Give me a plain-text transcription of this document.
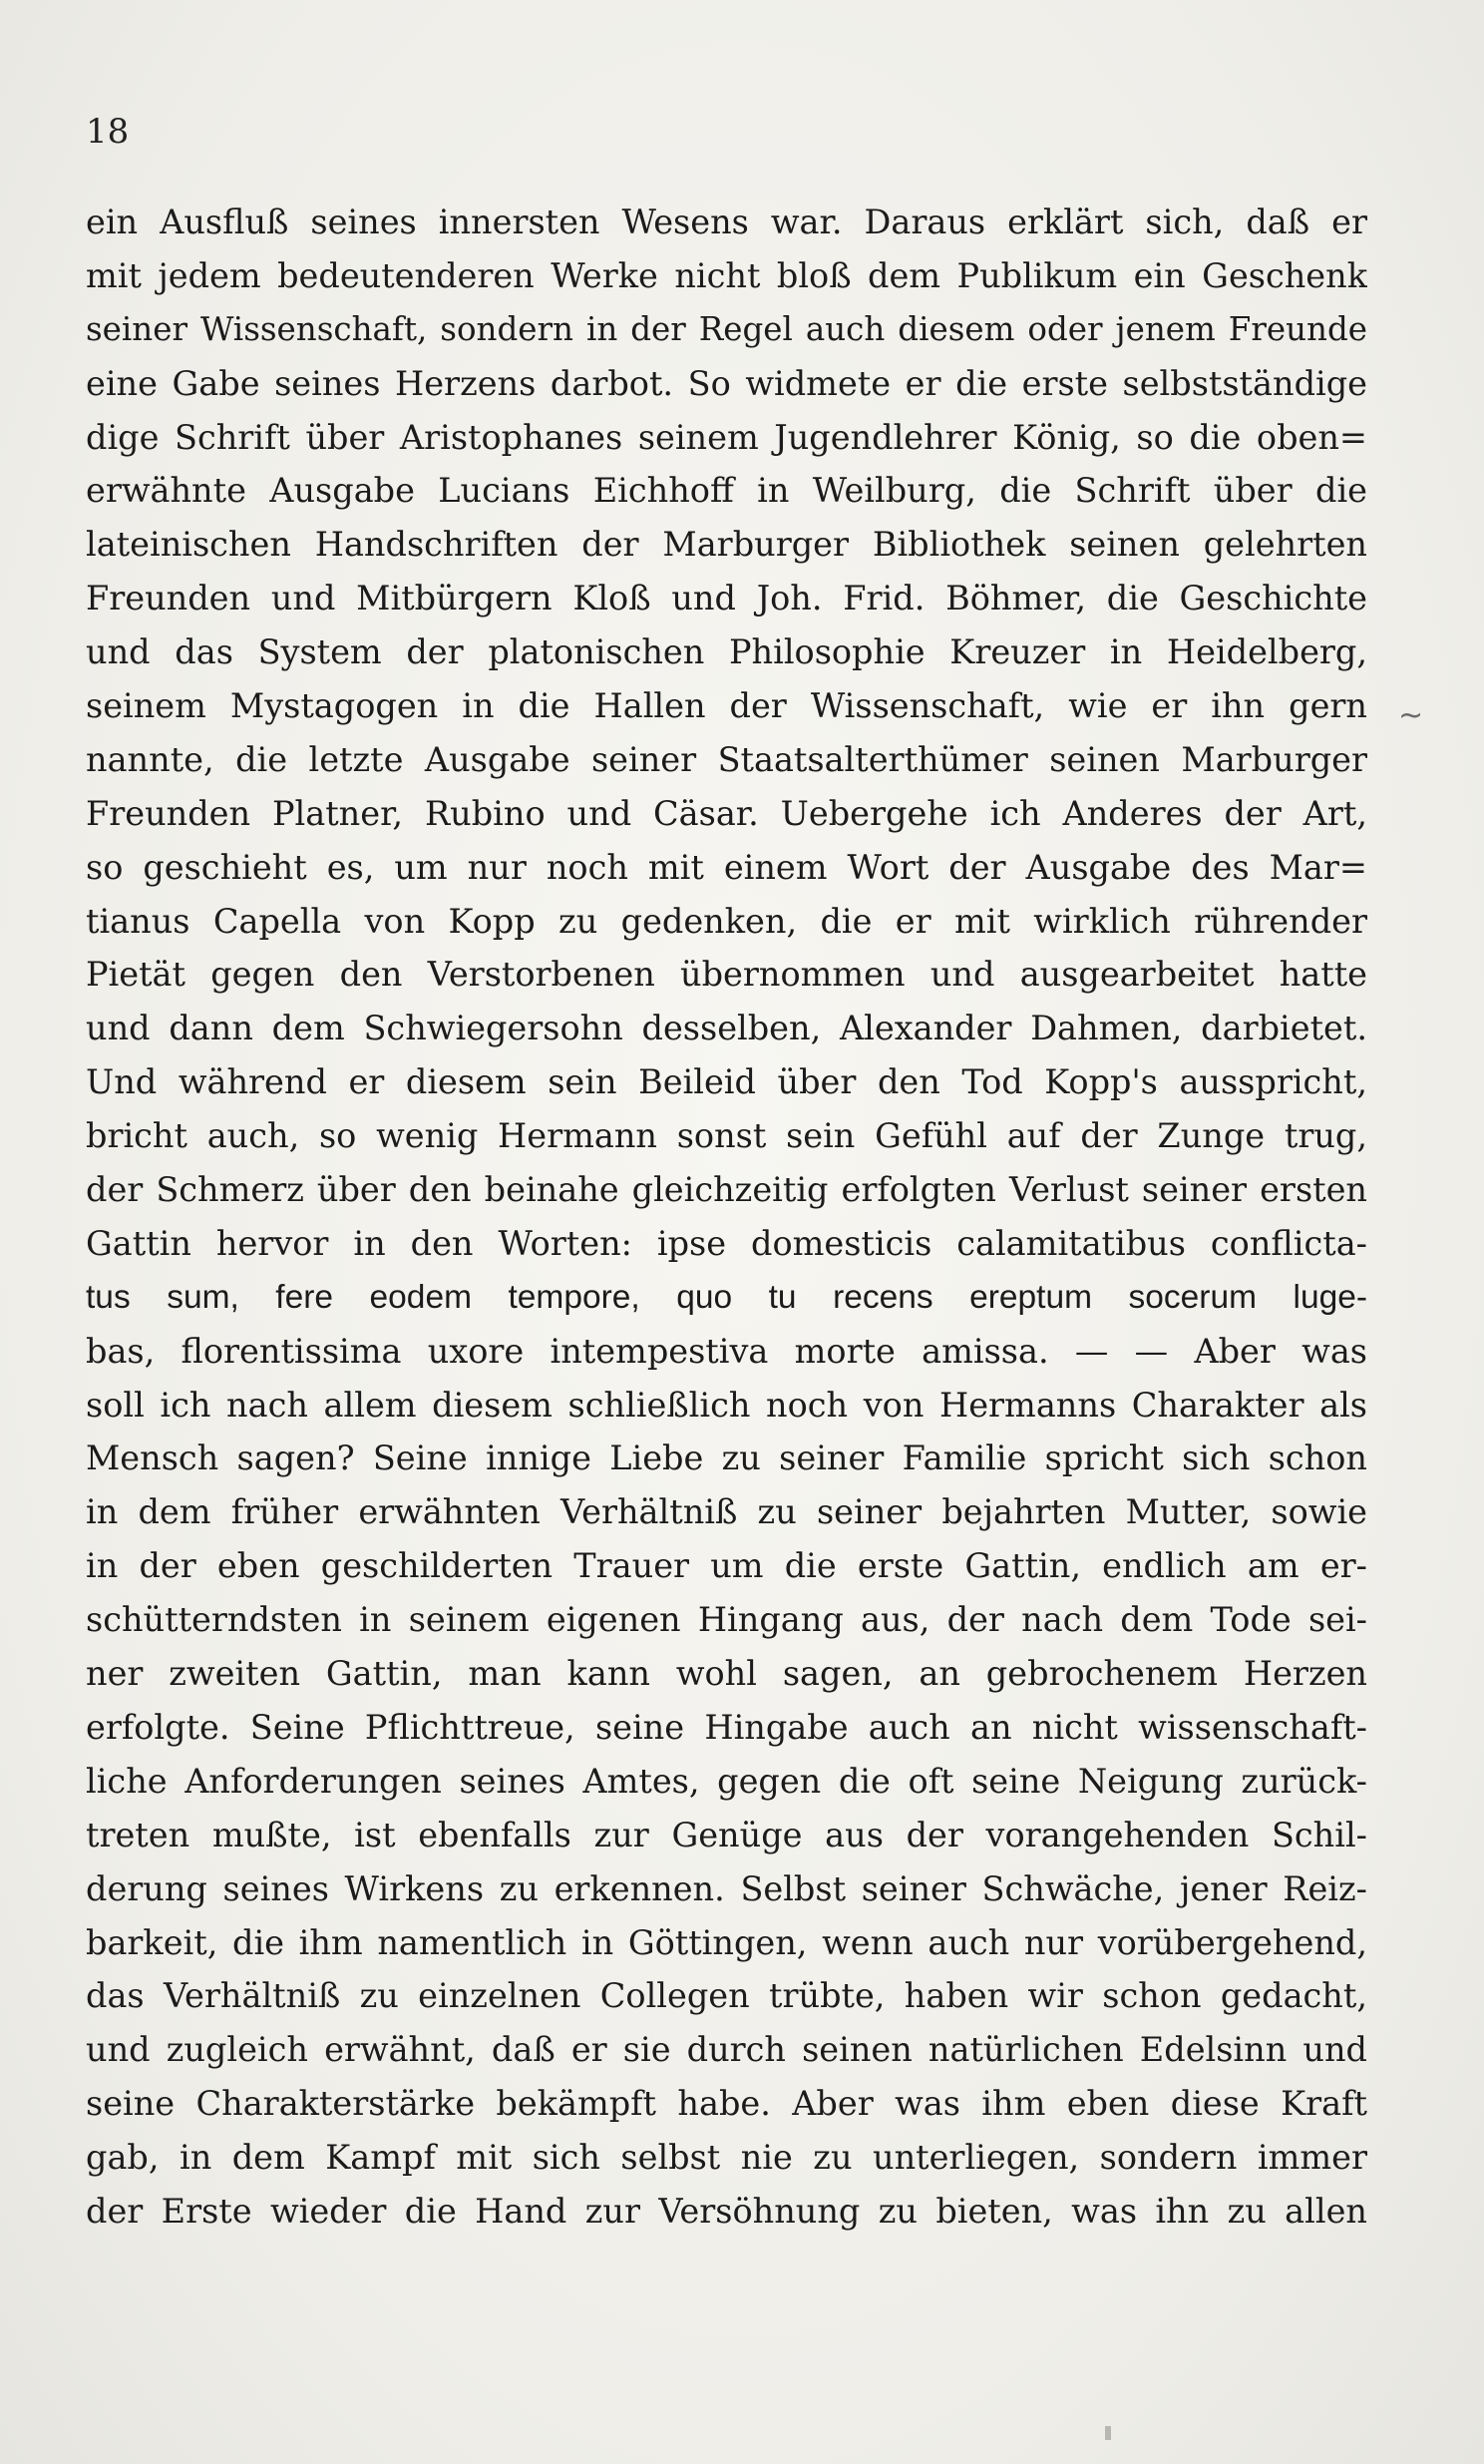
18
ein Ausfluß seines innersten Wesens war. Daraus erklärt sich, daß er
mit jedem bedeutenderen Werke nicht bloß dem Publikum ein Geschenk
seiner Wissenschaft, sondern in der Regel auch diesem oder jenem Freunde
eine Gabe seines Herzens darbot. So widmete er die erste selbstständige
dige Schrift über Aristophanes seinem Jugendlehrer König, so die oben=
erwähnte Ausgabe Lucians Eichhoff in Weilburg, die Schrift über die
lateinischen Handschriften der Marburger Bibliothek seinen gelehrten
Freunden und Mitbürgern Kloß und Joh. Frid. Böhmer, die Geschichte
und das System der platonischen Philosophie Kreuzer in Heidelberg,
seinem Mystagogen in die Hallen der Wissenschaft, wie er ihn gern
nannte, die letzte Ausgabe seiner Staatsalterthümer seinen Marburger
Freunden Platner, Rubino und Cäsar. Uebergehe ich Anderes der Art,
so geschieht es, um nur noch mit einem Wort der Ausgabe des Mar=
tianus Capella von Kopp zu gedenken, die er mit wirklich rührender
Pietät gegen den Verstorbenen übernommen und ausgearbeitet hatte
und dann dem Schwiegersohn desselben, Alexander Dahmen, darbietet.
Und während er diesem sein Beileid über den Tod Kopp's ausspricht,
bricht auch, so wenig Hermann sonst sein Gefühl auf der Zunge trug,
der Schmerz über den beinahe gleichzeitig erfolgten Verlust seiner ersten
Gattin hervor in den Worten: ipse domesticis calamitatibus conflicta-
tus sum, fere eodem tempore, quo tu recens ereptum socerum luge-
bas, florentissima uxore intempestiva morte amissa. — — Aber was
soll ich nach allem diesem schließlich noch von Hermanns Charakter als
Mensch sagen? Seine innige Liebe zu seiner Familie spricht sich schon
in dem früher erwähnten Verhältniß zu seiner bejahrten Mutter, sowie
in der eben geschilderten Trauer um die erste Gattin, endlich am er-
schütterndsten in seinem eigenen Hingang aus, der nach dem Tode sei-
ner zweiten Gattin, man kann wohl sagen, an gebrochenem Herzen
erfolgte. Seine Pflichttreue, seine Hingabe auch an nicht wissenschaft-
liche Anforderungen seines Amtes, gegen die oft seine Neigung zurück-
treten mußte, ist ebenfalls zur Genüge aus der vorangehenden Schil-
derung seines Wirkens zu erkennen. Selbst seiner Schwäche, jener Reiz-
barkeit, die ihm namentlich in Göttingen, wenn auch nur vorübergehend,
das Verhältniß zu einzelnen Collegen trübte, haben wir schon gedacht,
und zugleich erwähnt, daß er sie durch seinen natürlichen Edelsinn und
seine Charakterstärke bekämpft habe. Aber was ihm eben diese Kraft
gab, in dem Kampf mit sich selbst nie zu unterliegen, sondern immer
der Erste wieder die Hand zur Versöhnung zu bieten, was ihn zu allen
~
